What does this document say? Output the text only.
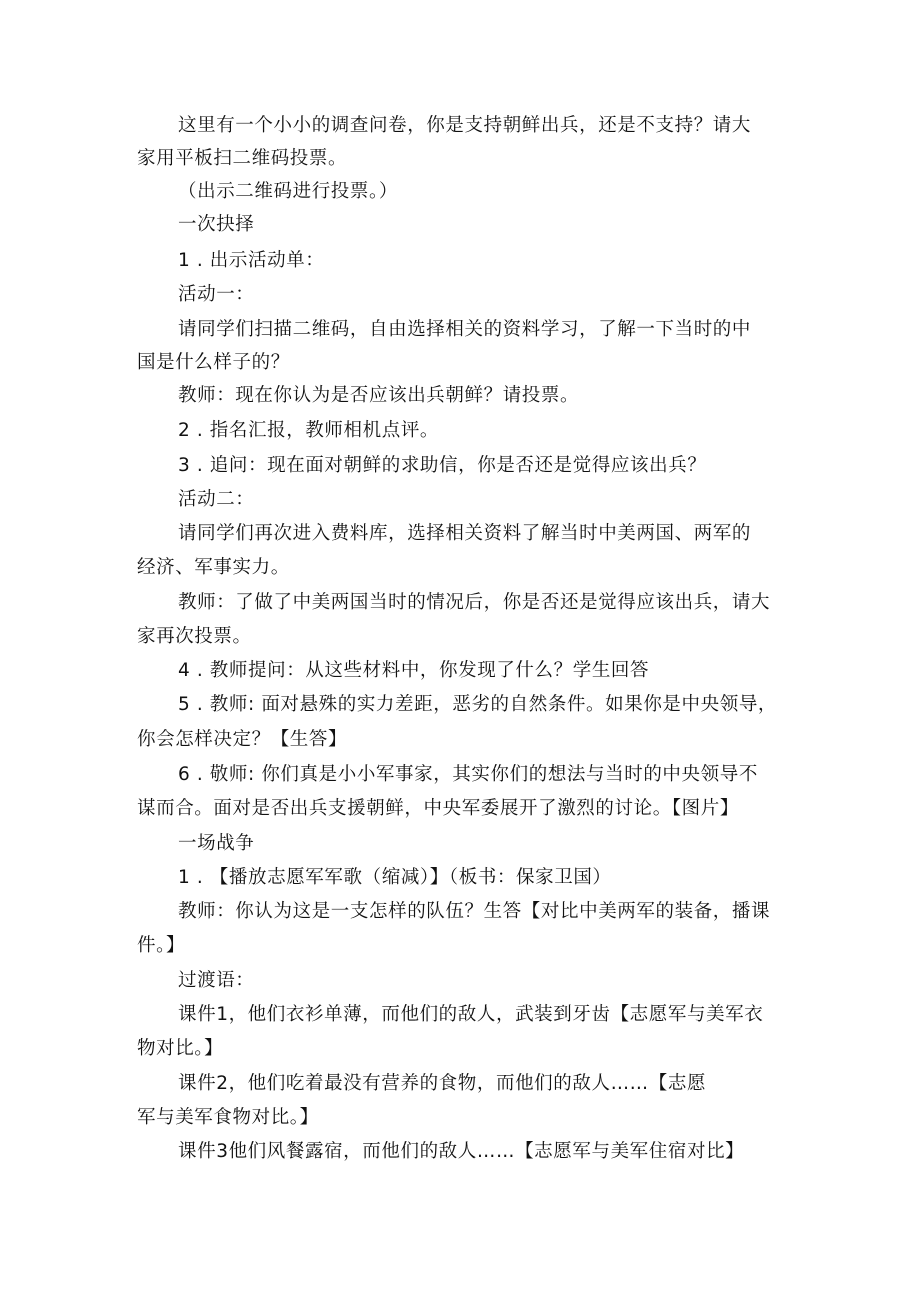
这里有一个小小的调查问卷，你是支持朝鲜出兵，还是不支持？请大
家用平板扫二维码投票。
（出示二维码进行投票。）
一次抉择
1 . 出示活动单：
活动一：
请同学们扫描二维码，自由选择相关的资料学习，了解一下当时的中
国是什么样子的？
教师：现在你认为是否应该出兵朝鲜？请投票。
2 . 指名汇报，教师相机点评。
3 . 追问：现在面对朝鲜的求助信，你是否还是觉得应该出兵？
活动二：
请同学们再次进入费料库，选择相关资料了解当时中美两国、两军的
经济、军事实力。
教师：了做了中美两国当时的情况后，你是否还是觉得应该出兵，请大
家再次投票。
4 . 教师提问：从这些材料中，你发现了什么？学生回答
5 . 教师: 面对悬殊的实力差距，恶劣的自然条件。如果你是中央领导，
你会怎样决定？【生答】
6 . 敬师: 你们真是小小军事家，其实你们的想法与当时的中央领导不
谋而合。面对是否出兵支援朝鲜，中央军委展开了激烈的讨论。【图片】
一场战争
1 . 【播放志愿军军歌（缩减）】（板书：保家卫国）
教师：你认为这是一支怎样的队伍？生答【对比中美两军的装备，播课
件。】
过渡语：
课件1，他们衣衫单薄，而他们的敌人，武装到牙齿【志愿军与美军衣
物对比。】
课件2，他们吃着最没有营养的食物，而他们的敌人……【志愿
军与美军食物对比。】
课件3他们风餐露宿，而他们的敌人……【志愿军与美军住宿对比】
